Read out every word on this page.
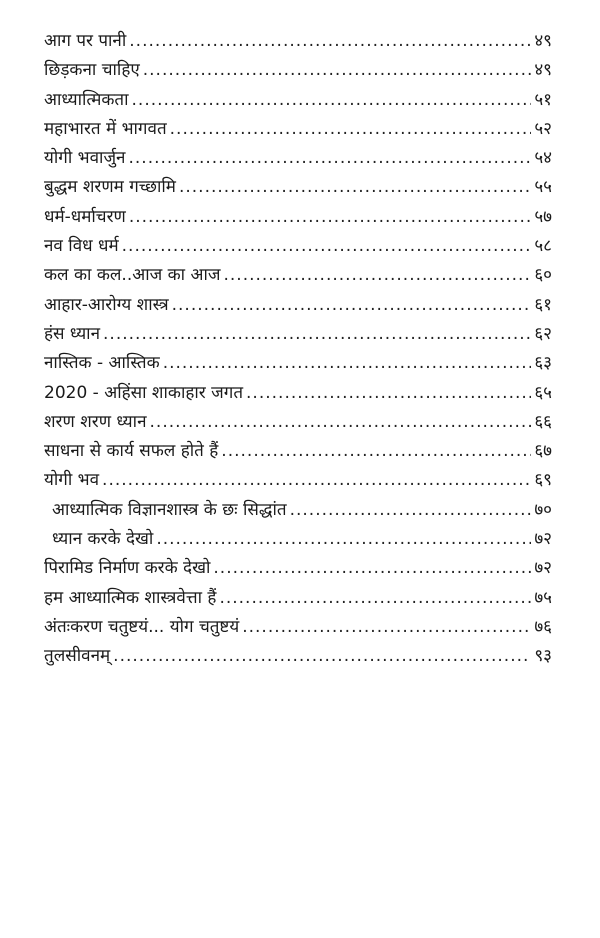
आग पर पानी .....	४९
छिड़कना चाहिए .....	४९
आध्यात्मिकता .....	५१
महाभारत में भागवत .....	५२
योगी भवार्जुन .....	५४
बुद्धम शरणम गच्छामि .....	५५
धर्म-धर्माचरण .....	५७
नव विध धर्म .....	५८
कल का कल..आज का आज .....	६०
आहार-आरोग्य शास्त्र .....	६१
हंस ध्यान .....	६२
नास्तिक - आस्तिक .....	६३
2020 - अहिंसा शाकाहार जगत .....	६५
शरण शरण ध्यान .....	६६
साधना से कार्य सफल होते हैं .....	६७
योगी भव .....	६९
आध्यात्मिक विज्ञानशास्त्र के छः सिद्धांत .....	७०
ध्यान करके देखो .....	७२
पिरामिड निर्माण करके देखो .....	७२
हम आध्यात्मिक शास्त्रवेत्ता हैं .....	७५
अंतःकरण चतुष्टयं... योग चतुष्टयं .....	७६
तुलसीवनम् .....	९३
